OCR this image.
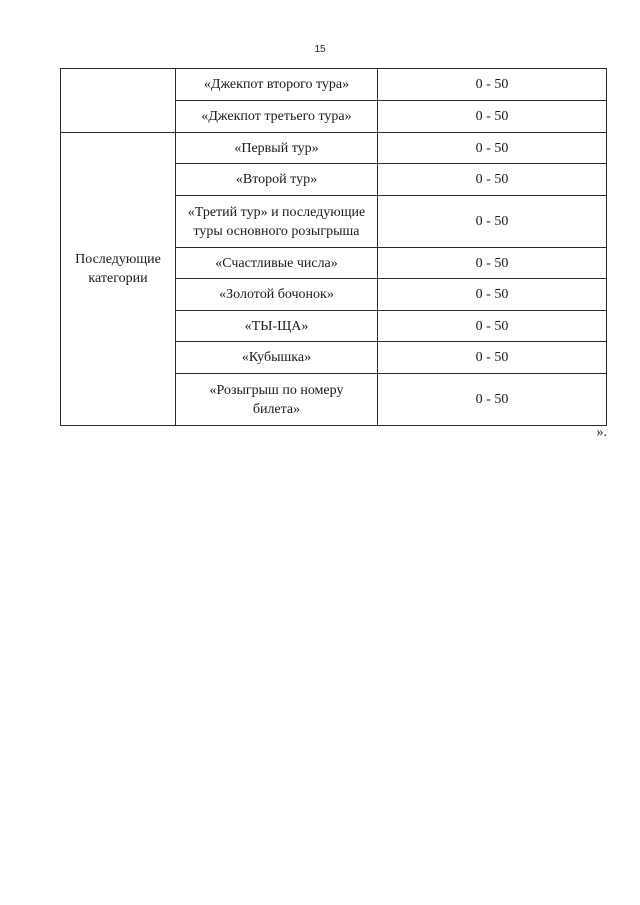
15
	«Джекпот второго тура»	0 - 50
	«Джекпот третьего тура»	0 - 50
Последующие категории	«Первый тур»	0 - 50
	«Второй тур»	0 - 50
	«Третий тур» и последующие туры основного розыгрыша	0 - 50
	«Счастливые числа»	0 - 50
	«Золотой бочонок»	0 - 50
	«ТЫ-ЩА»	0 - 50
	«Кубышка»	0 - 50
	«Розыгрыш по номеру билета»	0 - 50
».
